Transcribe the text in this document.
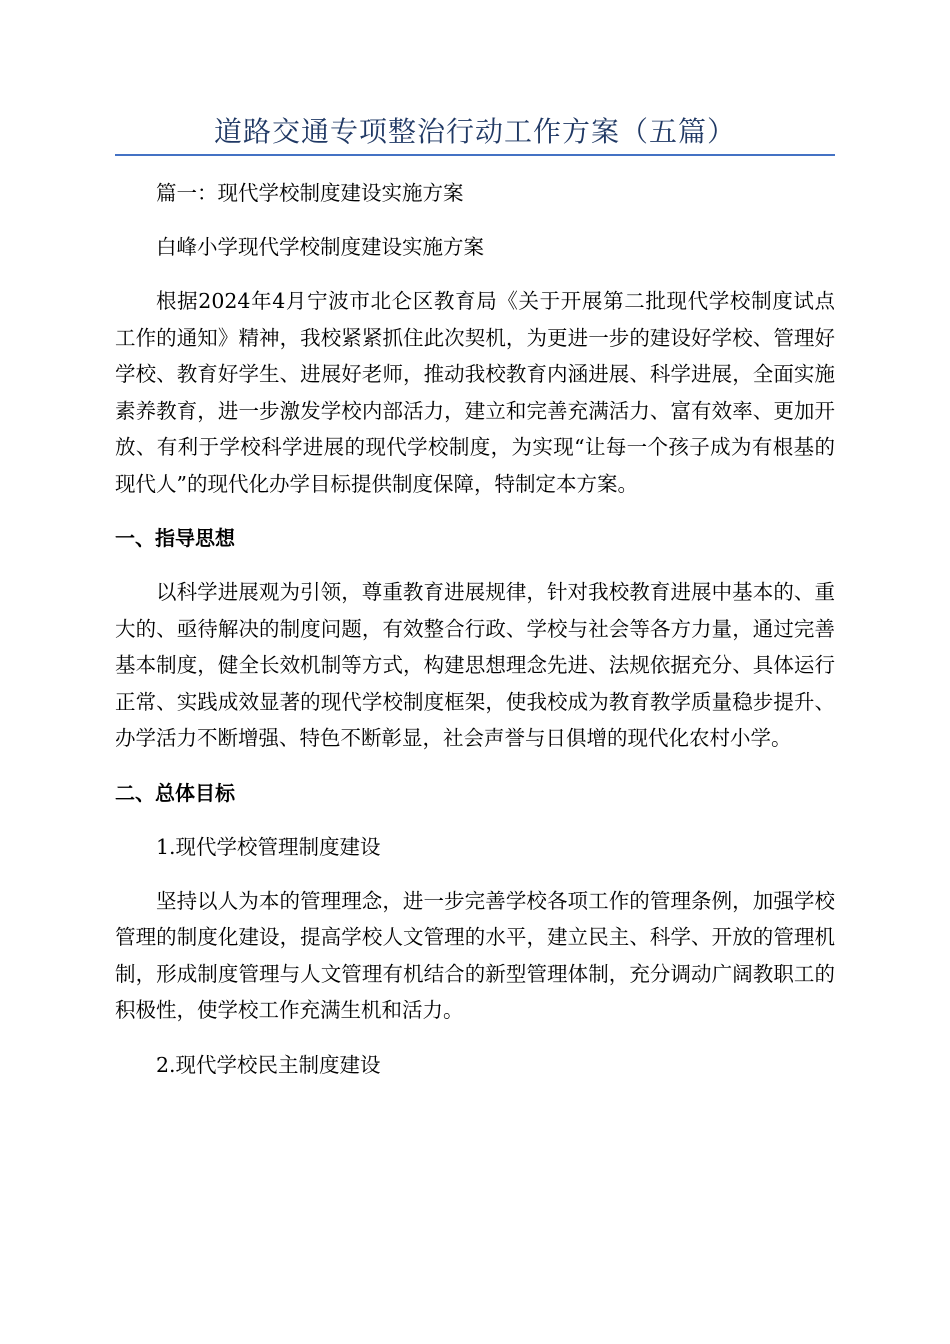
道路交通专项整治行动工作方案（五篇）

篇一：现代学校制度建设实施方案

白峰小学现代学校制度建设实施方案

根据2024年4月宁波市北仑区教育局《关于开展第二批现代学校制度试点工作的通知》精神，我校紧紧抓住此次契机，为更进一步的建设好学校、管理好学校、教育好学生、进展好老师，推动我校教育内涵进展、科学进展，全面实施素养教育，进一步激发学校内部活力，建立和完善充满活力、富有效率、更加开放、有利于学校科学进展的现代学校制度，为实现“让每一个孩子成为有根基的现代人”的现代化办学目标提供制度保障，特制定本方案。

一、指导思想

以科学进展观为引领，尊重教育进展规律，针对我校教育进展中基本的、重大的、亟待解决的制度问题，有效整合行政、学校与社会等各方力量，通过完善基本制度，健全长效机制等方式，构建思想理念先进、法规依据充分、具体运行正常、实践成效显著的现代学校制度框架，使我校成为教育教学质量稳步提升、办学活力不断增强、特色不断彰显，社会声誉与日俱增的现代化农村小学。

二、总体目标

1.现代学校管理制度建设

坚持以人为本的管理理念，进一步完善学校各项工作的管理条例，加强学校管理的制度化建设，提高学校人文管理的水平，建立民主、科学、开放的管理机制，形成制度管理与人文管理有机结合的新型管理体制，充分调动广阔教职工的积极性，使学校工作充满生机和活力。

2.现代学校民主制度建设
